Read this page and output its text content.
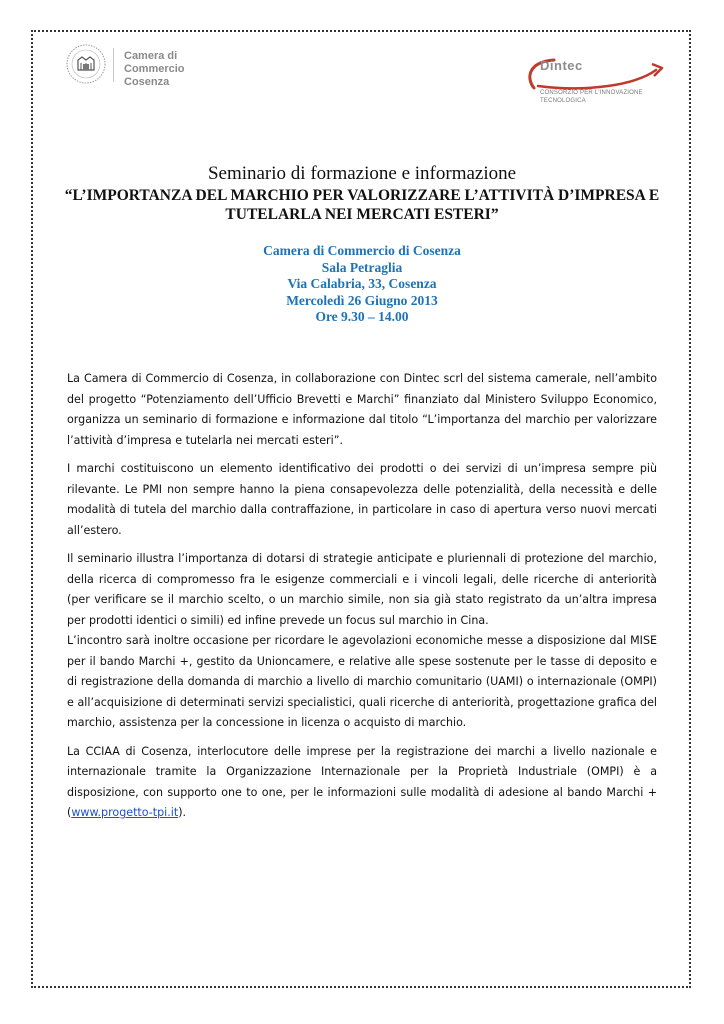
Camera di Commercio
Cosenza
Dintec
CONSORZIO PER L'INNOVAZIONE
TECNOLOGICA
Seminario di formazione e informazione
“L’IMPORTANZA DEL MARCHIO PER VALORIZZARE L’ATTIVITÀ D’IMPRESA E TUTELARLA NEI MERCATI ESTERI”
Camera di Commercio di Cosenza
Sala Petraglia
Via Calabria, 33, Cosenza
Mercoledì 26 Giugno 2013
Ore 9.30 – 14.00

La Camera di Commercio di Cosenza, in collaborazione con Dintec scrl del sistema camerale, nell’ambito del progetto “Potenziamento dell’Ufficio Brevetti e Marchi” finanziato dal Ministero Sviluppo Economico, organizza un seminario di formazione e informazione dal titolo “L’importanza del marchio per valorizzare l’attività d’impresa e tutelarla nei mercati esteri”.

I marchi costituiscono un elemento identificativo dei prodotti o dei servizi di un’impresa sempre più rilevante. Le PMI non sempre hanno la piena consapevolezza delle potenzialità, della necessità e delle modalità di tutela del marchio dalla contraffazione, in particolare in caso di apertura verso nuovi mercati all’estero.

Il seminario illustra l’importanza di dotarsi di strategie anticipate e pluriennali di protezione del marchio, della ricerca di compromesso fra le esigenze commerciali e i vincoli legali, delle ricerche di anteriorità (per verificare se il marchio scelto, o un marchio simile, non sia già stato registrato da un’altra impresa per prodotti identici o simili) ed infine prevede un focus sul marchio in Cina.

L’incontro sarà inoltre occasione per ricordare le agevolazioni economiche messe a disposizione dal MISE per il bando Marchi +, gestito da Unioncamere, e relative alle spese sostenute per le tasse di deposito e di registrazione della domanda di marchio a livello di marchio comunitario (UAMI) o internazionale (OMPI) e all’acquisizione di determinati servizi specialistici, quali ricerche di anteriorità, progettazione grafica del marchio, assistenza per la concessione in licenza o acquisto di marchio.

La CCIAA di Cosenza, interlocutore delle imprese per la registrazione dei marchi a livello nazionale e internazionale tramite la Organizzazione Internazionale per la Proprietà Industriale (OMPI) è a disposizione, con supporto one to one, per le informazioni sulle modalità di adesione al bando Marchi + (www.progetto-tpi.it).
